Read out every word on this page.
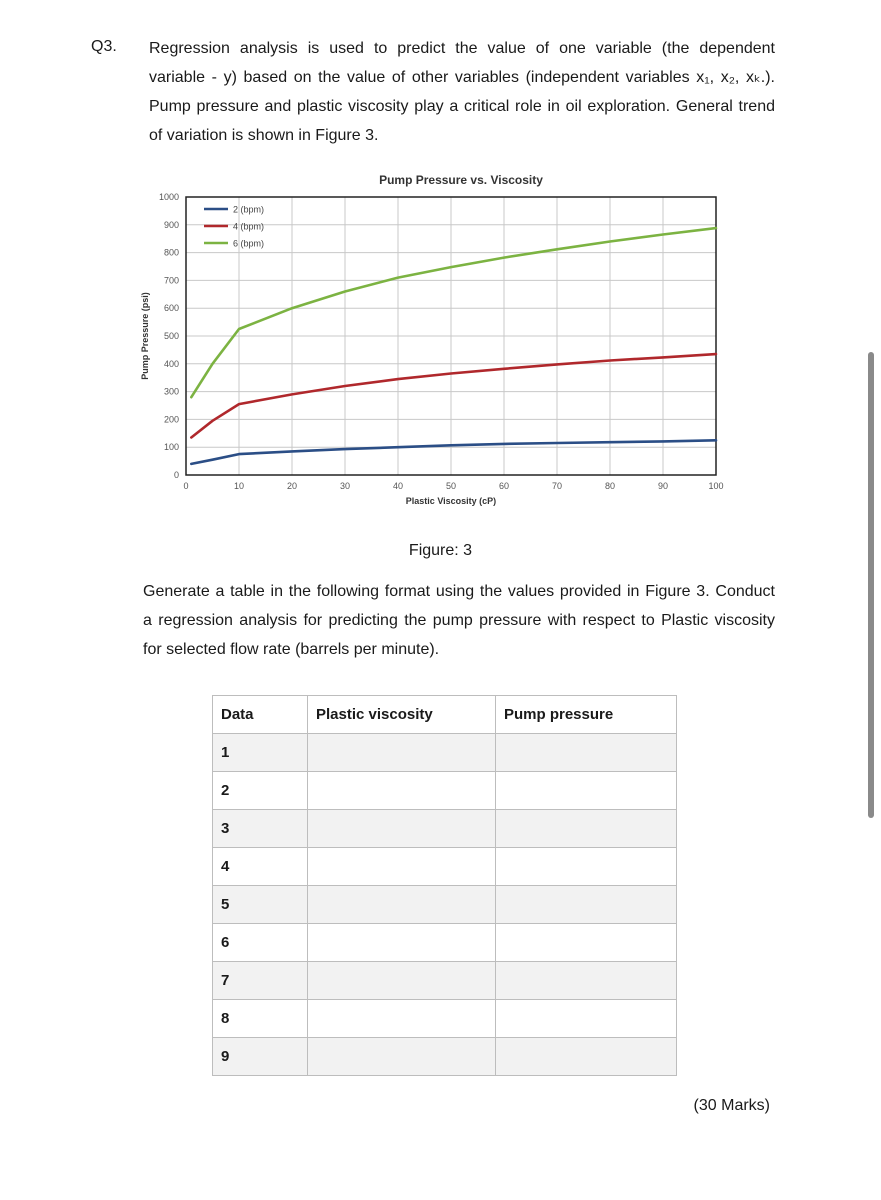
Q3. Regression analysis is used to predict the value of one variable (the dependent
variable - y) based on the value of other variables (independent variables x₁, x₂, xₖ.).
Pump pressure and plastic viscosity play a critical role in oil exploration. General trend
of variation is shown in Figure 3.
0	10	20	30	40	50	60	70	80	90	100
0
100
200
300
400
500
600
700
800
900
1000
Pump Pressure vs. Viscosity
Plastic Viscosity (cP)
Pump Pressure (psi)
2 (bpm)
4 (bpm)
6 (bpm)
Figure: 3
Generate a table in the following format using the values provided in Figure 3. Conduct
a regression analysis for predicting the pump pressure with respect to Plastic viscosity
for selected flow rate (barrels per minute).
Data	Plastic viscosity	Pump pressure
1		
2		
3		
4		
5		
6		
7		
8		
9		
(30 Marks)
